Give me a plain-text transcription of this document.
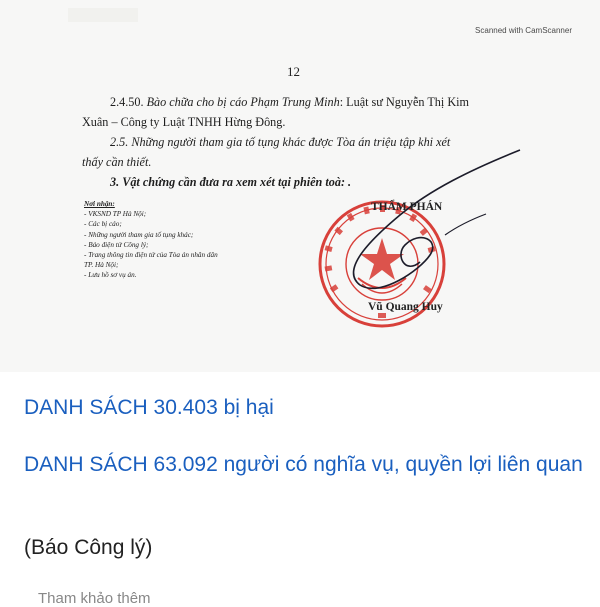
Scanned with CamScanner
12

2.4.50. Bào chữa cho bị cáo Phạm Trung Minh: Luật sư Nguyễn Thị Kim

Xuân – Công ty Luật TNHH Hừng Đông.

2.5. Những người tham gia tố tụng khác được Tòa án triệu tập khi xét

thấy cần thiết.

3. Vật chứng cần đưa ra xem xét tại phiên toà: .

Nơi nhận:
- VKSND TP Hà Nội;
- Các bị cáo;
- Những người tham gia tố tụng khác;
- Báo điện tử Công lý;
- Trang thông tin điện tử của Tòa án nhân dân
TP. Hà Nội;
- Lưu hồ sơ vụ án.
THẨM PHÁN
Vũ Quang Huy
DANH SÁCH 30.403 bị hại
DANH SÁCH 63.092 người có nghĩa vụ, quyền lợi liên quan
(Báo Công lý)
Tham khảo thêm
